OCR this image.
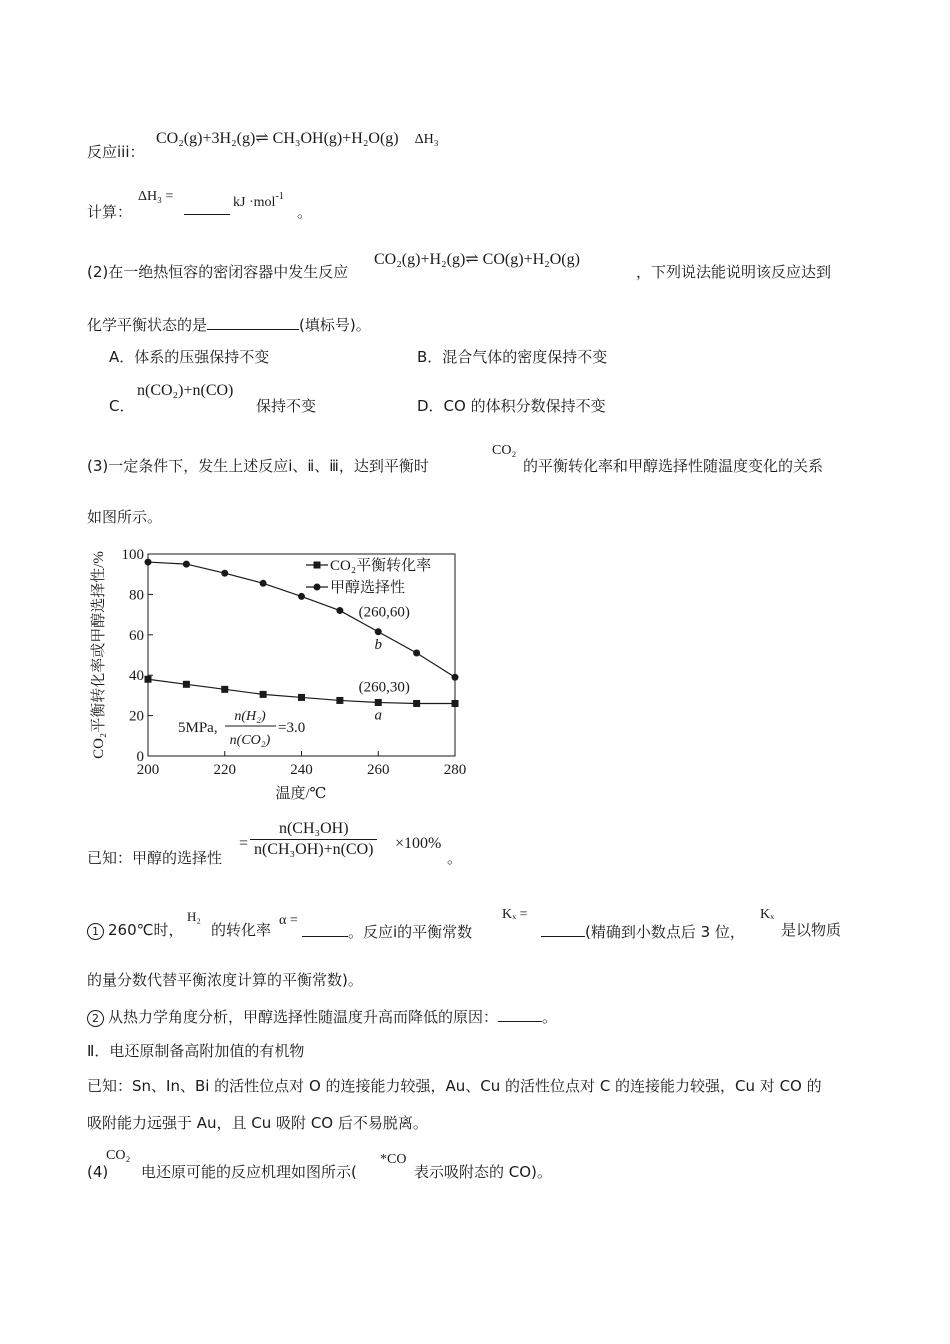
反应iii：
CO₂(g)+3H₂(g)⇌ CH₃OH(g)+H₂O(g) ΔH₃
计算：
ΔH₃ =	kJ ·mol$^{-1}$
。
(2)在一绝热恒容的密闭容器中发生反应
CO₂(g)+H₂(g)⇌ CO(g)+H₂O(g)
，下列说法能说明该反应达到
化学平衡状态的是	(填标号)。
A．体系的压强保持不变	B．混合气体的密度保持不变
C．
n(CO₂)+n(CO)
保持不变	D．CO 的体积分数保持不变
(3)一定条件下，发生上述反应ⅰ、ⅱ、ⅲ，达到平衡时
CO₂
的平衡转化率和甲醇选择性随温度变化的关系
如图所示。
200	220	240	260	280
0
20
40
60
80
100
CO₂平衡转化率
甲醇选择性
(260,60)
b
(260,30)
a
温度/℃
CO₂平衡转化率或甲醇选择性/%	5MPa,
n(H₂)
n(CO₂)
=3.0
已知：甲醇的选择性
= $\frac{\text{n(CH₃OH)}}{\text{n(CH₃OH)+n(CO)}} \times 100\%$
。
1 260℃时，
H₂
的转化率
α =
。反应ⅰ的平衡常数
Kₓ =
(精确到小数点后 3 位，
Kₓ
是以物质
的量分数代替平衡浓度计算的平衡常数)。
2 从热力学角度分析，甲醇选择性随温度升高而降低的原因：	。
Ⅱ．电还原制备高附加值的有机物
已知：Sn、In、Bi 的活性位点对 O 的连接能力较强，Au、Cu 的活性位点对 C 的连接能力较强，Cu 对 CO 的
吸附能力远强于 Au，且 Cu 吸附 CO 后不易脱离。
(4)
CO₂
电还原可能的反应机理如图所示(
*CO
表示吸附态的 CO)。
